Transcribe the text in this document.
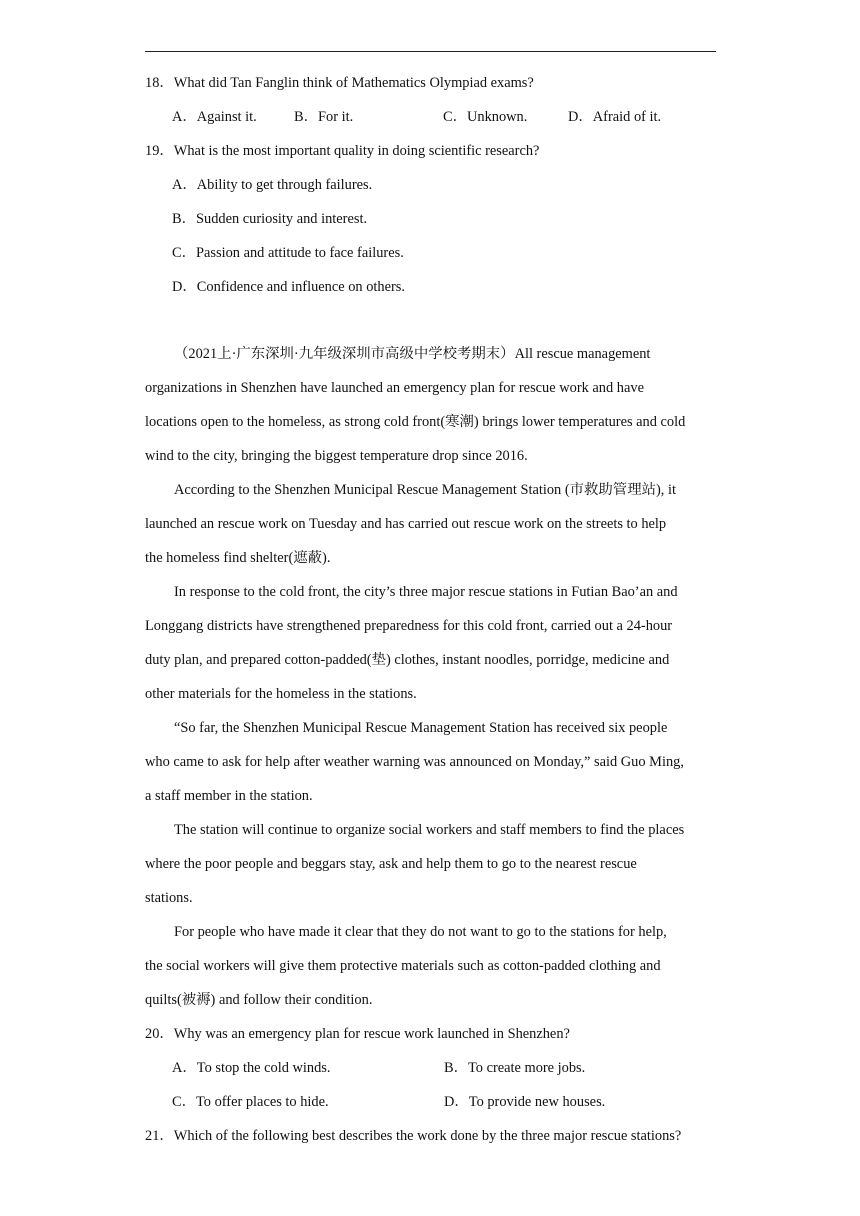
18．What did Tan Fanglin think of Mathematics Olympiad exams?

A．Against it.	B．For it.	C．Unknown.	D．Afraid of it.

19．What is the most important quality in doing scientific research?

A．Ability to get through failures.

B．Sudden curiosity and interest.

C．Passion and attitude to face failures.

D．Confidence and influence on others.

（2021上·广东深圳·九年级深圳市高级中学校考期末）All rescue management
organizations in Shenzhen have launched an emergency plan for rescue work and have
locations open to the homeless, as strong cold front(寒潮) brings lower temperatures and cold
wind to the city, bringing the biggest temperature drop since 2016.

According to the Shenzhen Municipal Rescue Management Station (市救助管理站), it
launched an rescue work on Tuesday and has carried out rescue work on the streets to help
the homeless find shelter(遮蔽).

In response to the cold front, the city’s three major rescue stations in Futian Bao’an and
Longgang districts have strengthened preparedness for this cold front, carried out a 24-hour
duty plan, and prepared cotton-padded(垫) clothes, instant noodles, porridge, medicine and
other materials for the homeless in the stations.

“So far, the Shenzhen Municipal Rescue Management Station has received six people
who came to ask for help after weather warning was announced on Monday,” said Guo Ming,
a staff member in the station.

The station will continue to organize social workers and staff members to find the places
where the poor people and beggars stay, ask and help them to go to the nearest rescue
stations.

For people who have made it clear that they do not want to go to the stations for help,
the social workers will give them protective materials such as cotton-padded clothing and
quilts(被褥) and follow their condition.

20．Why was an emergency plan for rescue work launched in Shenzhen?

A．To stop the cold winds.	B．To create more jobs.
C．To offer places to hide.	D．To provide new houses.

21．Which of the following best describes the work done by the three major rescue stations?
